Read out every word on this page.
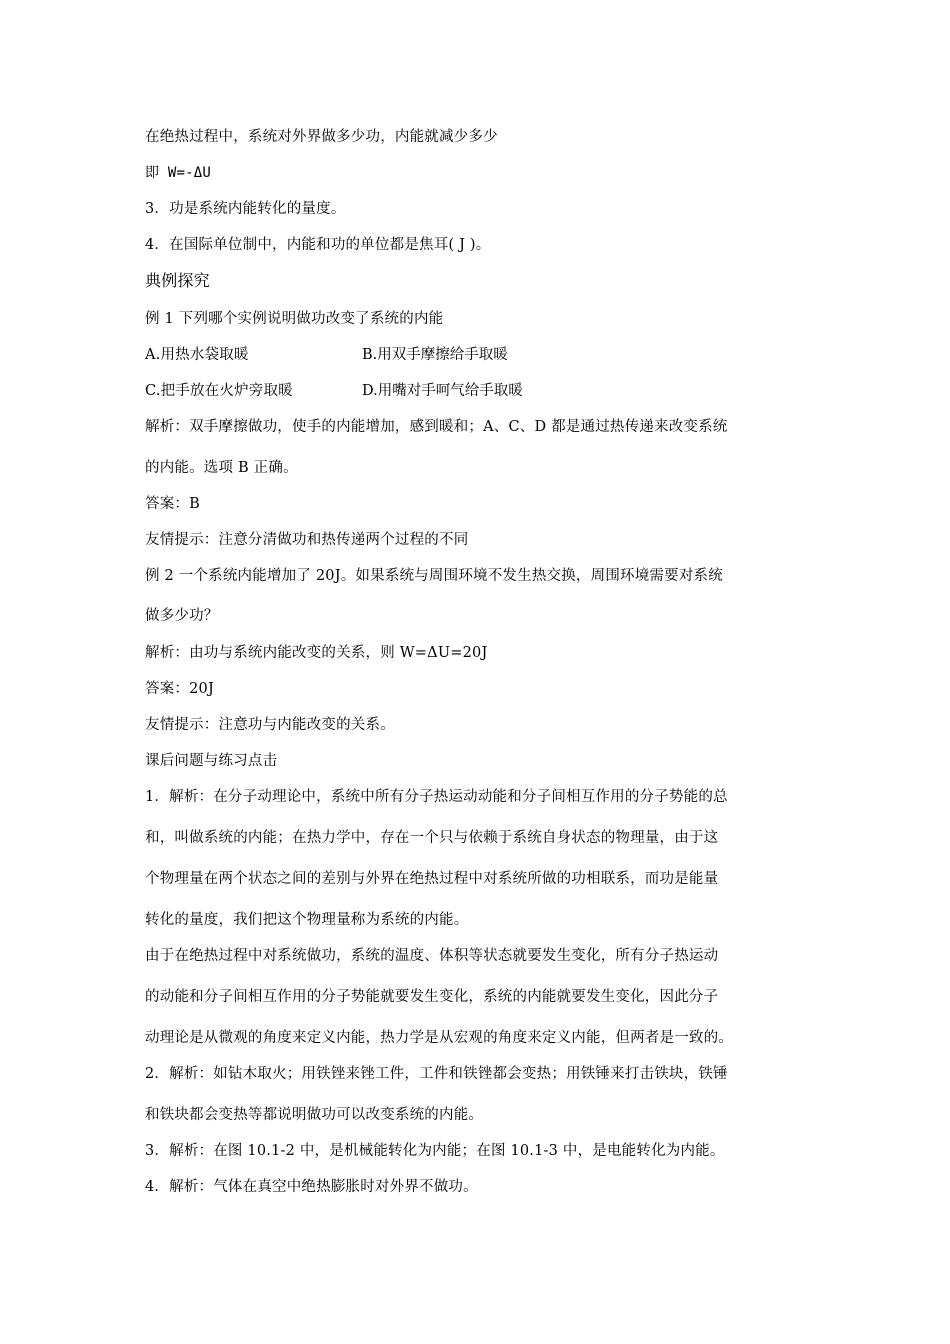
在绝热过程中，系统对外界做多少功，内能就减少多少
即 W=-ΔU
3．功是系统内能转化的量度。
4．在国际单位制中，内能和功的单位都是焦耳( J )。
典例探究
例 1 下列哪个实例说明做功改变了系统的内能
A.用热水袋取暖	B.用双手摩擦给手取暖
C.把手放在火炉旁取暖	D.用嘴对手呵气给手取暖
解析：双手摩擦做功，使手的内能增加，感到暖和；A、C、D 都是通过热传递来改变系统
的内能。选项 B 正确。
答案：B
友情提示：注意分清做功和热传递两个过程的不同
例 2 一个系统内能增加了 20J。如果系统与周围环境不发生热交换，周围环境需要对系统
做多少功？
解析：由功与系统内能改变的关系，则 W=ΔU=20J
答案：20J
友情提示：注意功与内能改变的关系。
课后问题与练习点击
1．解析：在分子动理论中，系统中所有分子热运动动能和分子间相互作用的分子势能的总
和，叫做系统的内能；在热力学中，存在一个只与依赖于系统自身状态的物理量，由于这
个物理量在两个状态之间的差别与外界在绝热过程中对系统所做的功相联系，而功是能量
转化的量度，我们把这个物理量称为系统的内能。
由于在绝热过程中对系统做功，系统的温度、体积等状态就要发生变化，所有分子热运动
的动能和分子间相互作用的分子势能就要发生变化，系统的内能就要发生变化，因此分子
动理论是从微观的角度来定义内能，热力学是从宏观的角度来定义内能，但两者是一致的。
2．解析：如钻木取火；用铁锉来锉工件，工件和铁锉都会变热；用铁锤来打击铁块，铁锤
和铁块都会变热等都说明做功可以改变系统的内能。
3．解析：在图 10.1-2 中，是机械能转化为内能；在图 10.1-3 中，是电能转化为内能。
4．解析：气体在真空中绝热膨胀时对外界不做功。
